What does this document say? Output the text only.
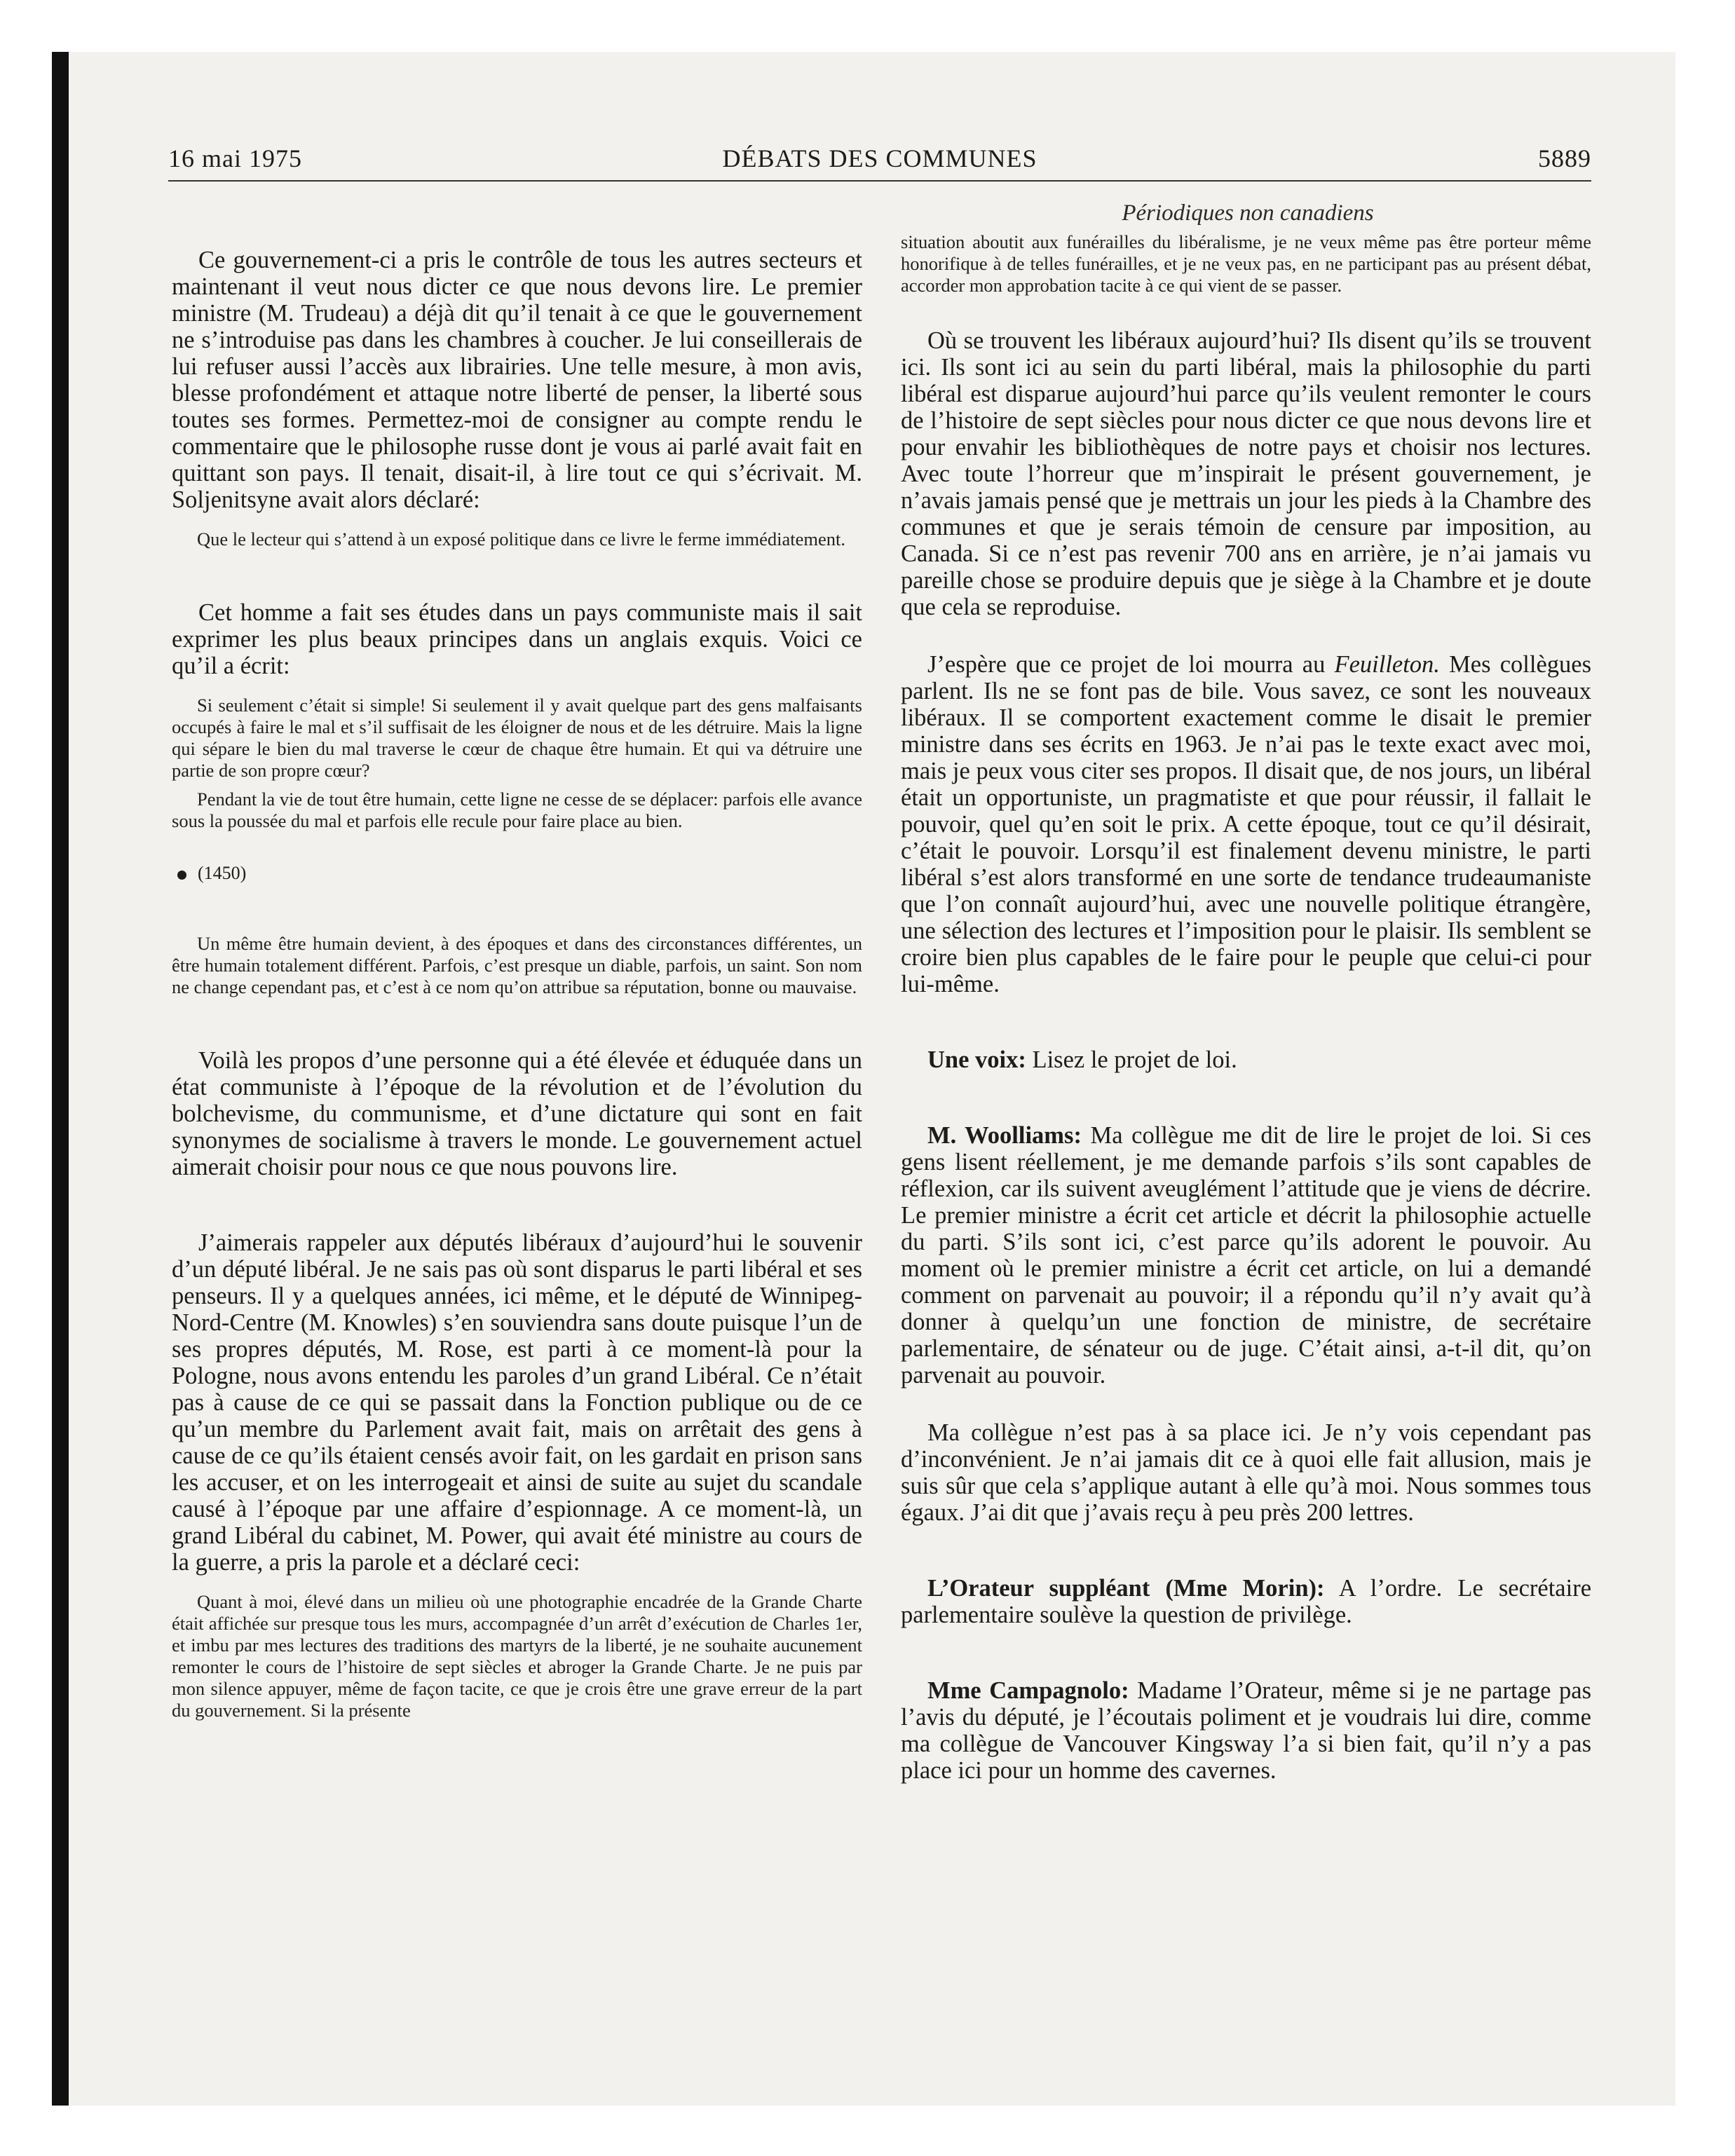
16 mai 1975	DÉBATS DES COMMUNES	5889
Périodiques non canadiens
Ce gouvernement-ci a pris le contrôle de tous les autres secteurs et maintenant il veut nous dicter ce que nous devons lire. Le premier ministre (M. Trudeau) a déjà dit qu’il tenait à ce que le gouvernement ne s’introduise pas dans les chambres à coucher. Je lui conseillerais de lui refuser aussi l’accès aux librairies. Une telle mesure, à mon avis, blesse profondément et attaque notre liberté de penser, la liberté sous toutes ses formes. Permettez-moi de consigner au compte rendu le commentaire que le philosophe russe dont je vous ai parlé avait fait en quittant son pays. Il tenait, disait-il, à lire tout ce qui s’écrivait. M. Soljenitsyne avait alors déclaré:
Que le lecteur qui s’attend à un exposé politique dans ce livre le ferme immédiatement.
Cet homme a fait ses études dans un pays communiste mais il sait exprimer les plus beaux principes dans un anglais exquis. Voici ce qu’il a écrit:
Si seulement c’était si simple! Si seulement il y avait quelque part des gens malfaisants occupés à faire le mal et s’il suffisait de les éloigner de nous et de les détruire. Mais la ligne qui sépare le bien du mal traverse le cœur de chaque être humain. Et qui va détruire une partie de son propre cœur?
Pendant la vie de tout être humain, cette ligne ne cesse de se déplacer: parfois elle avance sous la poussée du mal et parfois elle recule pour faire place au bien.
(1450)
Un même être humain devient, à des époques et dans des circonstances différentes, un être humain totalement différent. Parfois, c’est presque un diable, parfois, un saint. Son nom ne change cependant pas, et c’est à ce nom qu’on attribue sa réputation, bonne ou mauvaise.
Voilà les propos d’une personne qui a été élevée et éduquée dans un état communiste à l’époque de la révolution et de l’évolution du bolchevisme, du communisme, et d’une dictature qui sont en fait synonymes de socialisme à travers le monde. Le gouvernement actuel aimerait choisir pour nous ce que nous pouvons lire.
J’aimerais rappeler aux députés libéraux d’aujourd’hui le souvenir d’un député libéral. Je ne sais pas où sont disparus le parti libéral et ses penseurs. Il y a quelques années, ici même, et le député de Winnipeg-Nord-Centre (M. Knowles) s’en souviendra sans doute puisque l’un de ses propres députés, M. Rose, est parti à ce moment-là pour la Pologne, nous avons entendu les paroles d’un grand Libéral. Ce n’était pas à cause de ce qui se passait dans la Fonction publique ou de ce qu’un membre du Parlement avait fait, mais on arrêtait des gens à cause de ce qu’ils étaient censés avoir fait, on les gardait en prison sans les accuser, et on les interrogeait et ainsi de suite au sujet du scandale causé à l’époque par une affaire d’espionnage. A ce moment-là, un grand Libéral du cabinet, M. Power, qui avait été ministre au cours de la guerre, a pris la parole et a déclaré ceci:
Quant à moi, élevé dans un milieu où une photographie encadrée de la Grande Charte était affichée sur presque tous les murs, accompagnée d’un arrêt d’exécution de Charles 1er, et imbu par mes lectures des traditions des martyrs de la liberté, je ne souhaite aucunement remonter le cours de l’histoire de sept siècles et abroger la Grande Charte. Je ne puis par mon silence appuyer, même de façon tacite, ce que je crois être une grave erreur de la part du gouvernement. Si la présente
situation aboutit aux funérailles du libéralisme, je ne veux même pas être porteur même honorifique à de telles funérailles, et je ne veux pas, en ne participant pas au présent débat, accorder mon approbation tacite à ce qui vient de se passer.
Où se trouvent les libéraux aujourd’hui? Ils disent qu’ils se trouvent ici. Ils sont ici au sein du parti libéral, mais la philosophie du parti libéral est disparue aujourd’hui parce qu’ils veulent remonter le cours de l’histoire de sept siècles pour nous dicter ce que nous devons lire et pour envahir les bibliothèques de notre pays et choisir nos lectures. Avec toute l’horreur que m’inspirait le présent gouvernement, je n’avais jamais pensé que je mettrais un jour les pieds à la Chambre des communes et que je serais témoin de censure par imposition, au Canada. Si ce n’est pas revenir 700 ans en arrière, je n’ai jamais vu pareille chose se produire depuis que je siège à la Chambre et je doute que cela se reproduise.
J’espère que ce projet de loi mourra au Feuilleton. Mes collègues parlent. Ils ne se font pas de bile. Vous savez, ce sont les nouveaux libéraux. Il se comportent exactement comme le disait le premier ministre dans ses écrits en 1963. Je n’ai pas le texte exact avec moi, mais je peux vous citer ses propos. Il disait que, de nos jours, un libéral était un opportuniste, un pragmatiste et que pour réussir, il fallait le pouvoir, quel qu’en soit le prix. A cette époque, tout ce qu’il désirait, c’était le pouvoir. Lorsqu’il est finalement devenu ministre, le parti libéral s’est alors transformé en une sorte de tendance trudeaumaniste que l’on connaît aujourd’hui, avec une nouvelle politique étrangère, une sélection des lectures et l’imposition pour le plaisir. Ils semblent se croire bien plus capables de le faire pour le peuple que celui-ci pour lui-même.
Une voix: Lisez le projet de loi.
M. Woolliams: Ma collègue me dit de lire le projet de loi. Si ces gens lisent réellement, je me demande parfois s’ils sont capables de réflexion, car ils suivent aveuglément l’attitude que je viens de décrire. Le premier ministre a écrit cet article et décrit la philosophie actuelle du parti. S’ils sont ici, c’est parce qu’ils adorent le pouvoir. Au moment où le premier ministre a écrit cet article, on lui a demandé comment on parvenait au pouvoir; il a répondu qu’il n’y avait qu’à donner à quelqu’un une fonction de ministre, de secrétaire parlementaire, de sénateur ou de juge. C’était ainsi, a-t-il dit, qu’on parvenait au pouvoir.
Ma collègue n’est pas à sa place ici. Je n’y vois cependant pas d’inconvénient. Je n’ai jamais dit ce à quoi elle fait allusion, mais je suis sûr que cela s’applique autant à elle qu’à moi. Nous sommes tous égaux. J’ai dit que j’avais reçu à peu près 200 lettres.
L’Orateur suppléant (Mme Morin): A l’ordre. Le secrétaire parlementaire soulève la question de privilège.
Mme Campagnolo: Madame l’Orateur, même si je ne partage pas l’avis du député, je l’écoutais poliment et je voudrais lui dire, comme ma collègue de Vancouver Kingsway l’a si bien fait, qu’il n’y a pas place ici pour un homme des cavernes.
